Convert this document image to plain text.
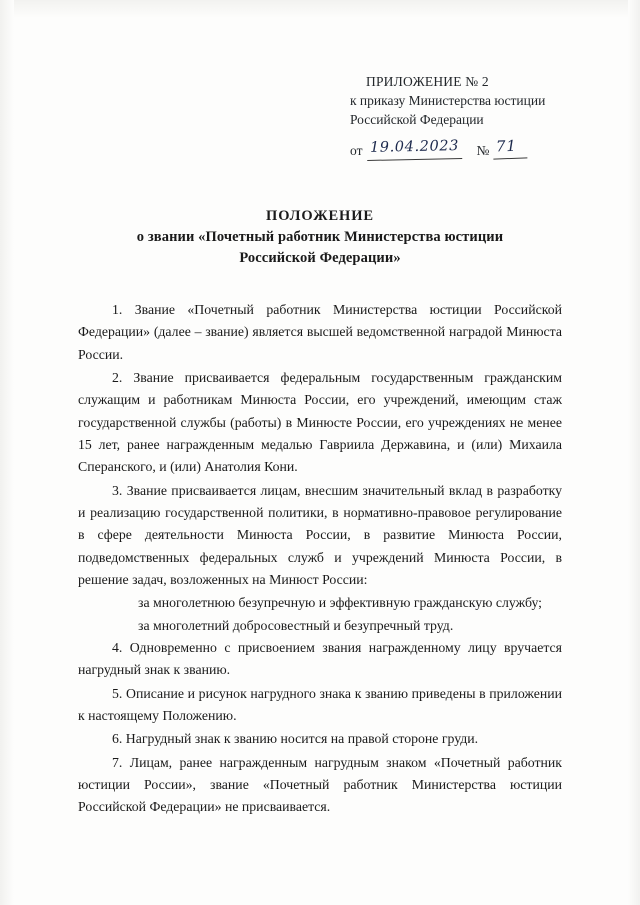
ПРИЛОЖЕНИЕ № 2
к приказу Министерства юстиции
Российской Федерации
от 19.04.2023 № 71
ПОЛОЖЕНИЕ
о звании «Почетный работник Министерства юстиции
Российской Федерации»

1. Звание «Почетный работник Министерства юстиции Российской Федерации» (далее – звание) является высшей ведомственной наградой Минюста России.

2. Звание присваивается федеральным государственным гражданским служащим и работникам Минюста России, его учреждений, имеющим стаж государственной службы (работы) в Минюсте России, его учреждениях не менее 15 лет, ранее награжденным медалью Гавриила Державина, и (или) Михаила Сперанского, и (или) Анатолия Кони.

3. Звание присваивается лицам, внесшим значительный вклад в разработку и реализацию государственной политики, в нормативно-правовое регулирование в сфере деятельности Минюста России, в развитие Минюста России, подведомственных федеральных служб и учреждений Минюста России, в решение задач, возложенных на Минюст России:

за многолетнюю безупречную и эффективную гражданскую службу;

за многолетний добросовестный и безупречный труд.

4. Одновременно с присвоением звания награжденному лицу вручается нагрудный знак к званию.

5. Описание и рисунок нагрудного знака к званию приведены в приложении к настоящему Положению.

6. Нагрудный знак к званию носится на правой стороне груди.

7. Лицам, ранее награжденным нагрудным знаком «Почетный работник юстиции России», звание «Почетный работник Министерства юстиции Российской Федерации» не присваивается.
